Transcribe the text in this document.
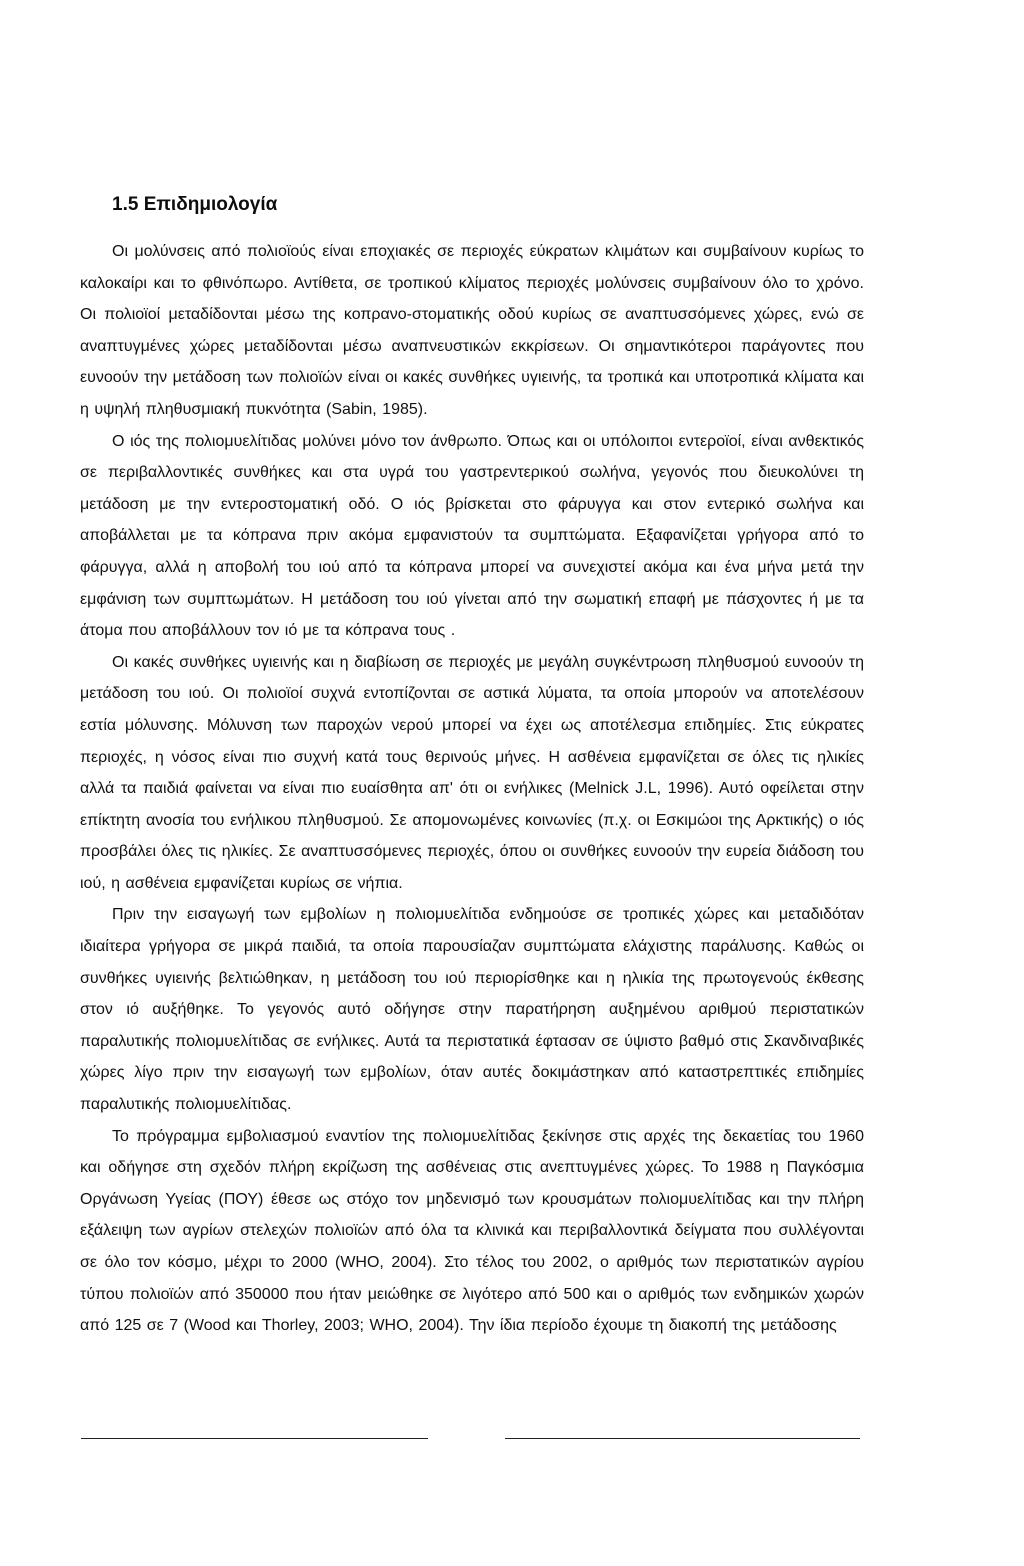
1.5 Επιδημιολογία

Οι μολύνσεις από πολιοϊούς είναι εποχιακές σε περιοχές εύκρατων κλιμάτων και συμβαίνουν κυρίως το καλοκαίρι και το φθινόπωρο. Αντίθετα, σε τροπικού κλίματος περιοχές μολύνσεις συμβαίνουν όλο το χρόνο. Οι πολιοϊοί μεταδίδονται μέσω της κοπρανο-στοματικής οδού κυρίως σε αναπτυσσόμενες χώρες, ενώ σε αναπτυγμένες χώρες μεταδίδονται μέσω αναπνευστικών εκκρίσεων. Οι σημαντικότεροι παράγοντες που ευνοούν την μετάδοση των πολιοϊών είναι οι κακές συνθήκες υγιεινής, τα τροπικά και υποτροπικά κλίματα και η υψηλή πληθυσμιακή πυκνότητα (Sabin, 1985).

Ο ιός της πολιομυελίτιδας μολύνει μόνο τον άνθρωπο. Όπως και οι υπόλοιποι εντεροϊοί, είναι ανθεκτικός σε περιβαλλοντικές συνθήκες και στα υγρά του γαστρεντερικού σωλήνα, γεγονός που διευκολύνει τη μετάδοση με την εντεροστοματική οδό. Ο ιός βρίσκεται στο φάρυγγα και στον εντερικό σωλήνα και αποβάλλεται με τα κόπρανα πριν ακόμα εμφανιστούν τα συμπτώματα. Εξαφανίζεται γρήγορα από το φάρυγγα, αλλά η αποβολή του ιού από τα κόπρανα μπορεί να συνεχιστεί ακόμα και ένα μήνα μετά την εμφάνιση των συμπτωμάτων. Η μετάδοση του ιού γίνεται από την σωματική επαφή με πάσχοντες ή με τα άτομα που αποβάλλουν τον ιό με τα κόπρανα τους .

Οι κακές συνθήκες υγιεινής και η διαβίωση σε περιοχές με μεγάλη συγκέντρωση πληθυσμού ευνοούν τη μετάδοση του ιού. Οι πολιοϊοί συχνά εντοπίζονται σε αστικά λύματα, τα οποία μπορούν να αποτελέσουν εστία μόλυνσης. Μόλυνση των παροχών νερού μπορεί να έχει ως αποτέλεσμα επιδημίες. Στις εύκρατες περιοχές, η νόσος είναι πιο συχνή κατά τους θερινούς μήνες. Η ασθένεια εμφανίζεται σε όλες τις ηλικίες αλλά τα παιδιά φαίνεται να είναι πιο ευαίσθητα απ' ότι οι ενήλικες (Melnick J.L, 1996). Αυτό οφείλεται στην επίκτητη ανοσία του ενήλικου πληθυσμού. Σε απομονωμένες κοινωνίες (π.χ. οι Εσκιμώοι της Αρκτικής) ο ιός προσβάλει όλες τις ηλικίες. Σε αναπτυσσόμενες περιοχές, όπου οι συνθήκες ευνοούν την ευρεία διάδοση του ιού, η ασθένεια εμφανίζεται κυρίως σε νήπια.

Πριν την εισαγωγή των εμβολίων η πολιομυελίτιδα ενδημούσε σε τροπικές χώρες και μεταδιδόταν ιδιαίτερα γρήγορα σε μικρά παιδιά, τα οποία παρουσίαζαν συμπτώματα ελάχιστης παράλυσης. Καθώς οι συνθήκες υγιεινής βελτιώθηκαν, η μετάδοση του ιού περιορίσθηκε και η ηλικία της πρωτογενούς έκθεσης στον ιό αυξήθηκε. Το γεγονός αυτό οδήγησε στην παρατήρηση αυξημένου αριθμού περιστατικών παραλυτικής πολιομυελίτιδας σε ενήλικες. Αυτά τα περιστατικά έφτασαν σε ύψιστο βαθμό στις Σκανδιναβικές χώρες λίγο πριν την εισαγωγή των εμβολίων, όταν αυτές δοκιμάστηκαν από καταστρεπτικές επιδημίες παραλυτικής πολιομυελίτιδας.

Το πρόγραμμα εμβολιασμού εναντίον της πολιομυελίτιδας ξεκίνησε στις αρχές της δεκαετίας του 1960 και οδήγησε στη σχεδόν πλήρη εκρίζωση της ασθένειας στις ανεπτυγμένες χώρες. Το 1988 η Παγκόσμια Οργάνωση Υγείας (ΠΟΥ) έθεσε ως στόχο τον μηδενισμό των κρουσμάτων πολιομυελίτιδας και την πλήρη εξάλειψη των αγρίων στελεχών πολιοϊών από όλα τα κλινικά και περιβαλλοντικά δείγματα που συλλέγονται σε όλο τον κόσμο, μέχρι το 2000 (WHO, 2004). Στο τέλος του 2002, ο αριθμός των περιστατικών αγρίου τύπου πολιοϊών από 350000 που ήταν μειώθηκε σε λιγότερο από 500 και ο αριθμός των ενδημικών χωρών από 125 σε 7 (Wood και Thorley, 2003; WHO, 2004). Την ίδια περίοδο έχουμε τη διακοπή της μετάδοσης
